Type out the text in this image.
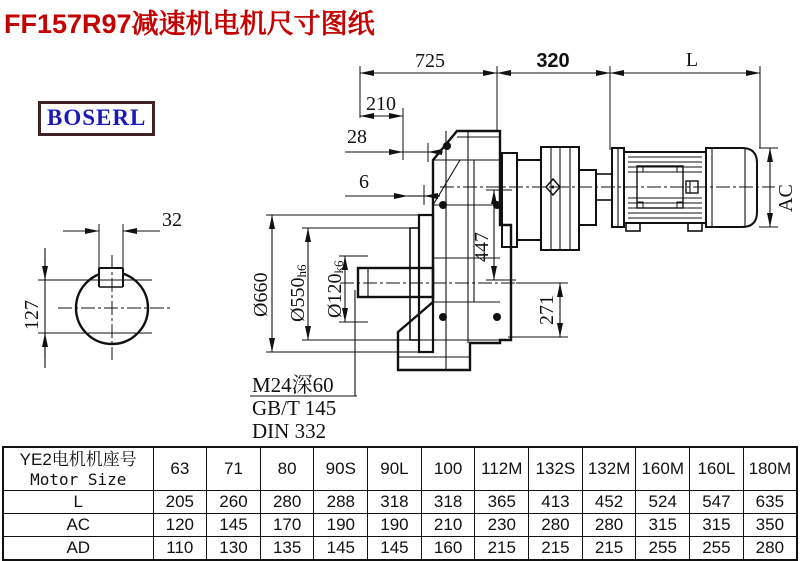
FF157R97减速机电机尺寸图纸
BOSERL
725	320	L
210
28
6
Ø660 Ø550h6
Ø120k6
447
271
AC
32
127
M24深60
GB/T 145
DIN 332
YE2电机机座号
Motor Size	63	71	80	90S	90L	100	112M	132S	132M	160M	160L	180M
L	205	260	280	288	318	318	365	413	452	524	547	635
AC	120	145	170	190	190	210	230	280	280	315	315	350
AD	110	130	135	145	145	160	215	215	215	255	255	280
